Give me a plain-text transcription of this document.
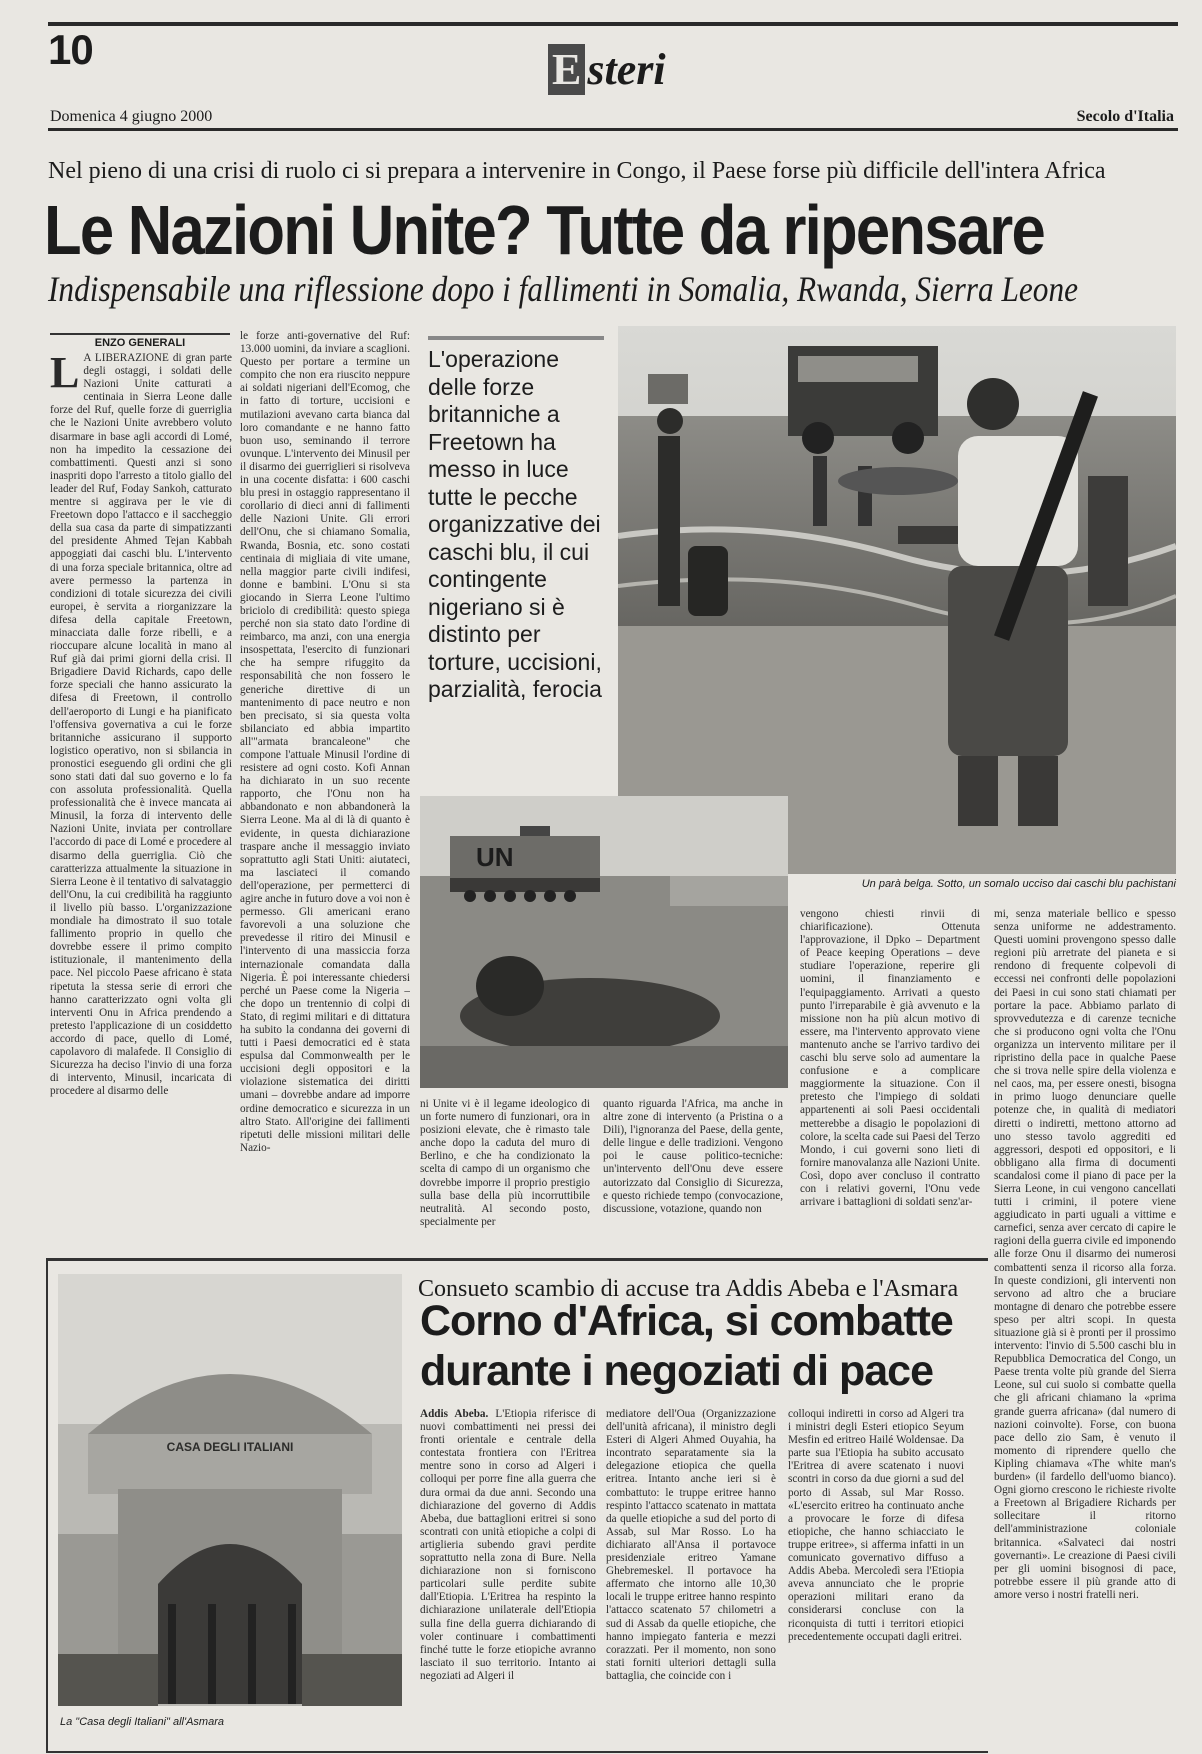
10	E steri
Domenica 4 giugno 2000	Secolo d'Italia
Nel pieno di una crisi di ruolo ci si prepara a intervenire in Congo, il Paese forse più difficile dell'intera Africa
Le Nazioni Unite? Tutte da ripensare
Indispensabile una riflessione dopo i fallimenti in Somalia, Rwanda, Sierra Leone
ENZO GENERALI
L A LIBERAZIONE di gran parte degli ostaggi, i soldati delle Nazioni Unite catturati a centinaia in Sierra Leone dalle forze del Ruf, quelle forze di guerriglia che le Nazioni Unite avrebbero voluto disarmare in base agli accordi di Lomé, non ha impedito la cessazione dei combattimenti. Questi anzi si sono inaspriti dopo l'arresto a titolo giallo del leader del Ruf, Foday Sankoh, catturato mentre si aggirava per le vie di Freetown dopo l'attacco e il saccheggio della sua casa da parte di simpatizzanti del presidente Ahmed Tejan Kabbah appoggiati dai caschi blu. L'intervento di una forza speciale britannica, oltre ad avere permesso la partenza in condizioni di totale sicurezza dei civili europei, è servita a riorganizzare la difesa della capitale Freetown, minacciata dalle forze ribelli, e a rioccupare alcune località in mano al Ruf già dai primi giorni della crisi. Il Brigadiere David Richards, capo delle forze speciali che hanno assicurato la difesa di Freetown, il controllo dell'aeroporto di Lungi e ha pianificato l'offensiva governativa a cui le forze britanniche assicurano il supporto logistico operativo, non si sbilancia in pronostici eseguendo gli ordini che gli sono stati dati dal suo governo e lo fa con assoluta professionalità. Quella professionalità che è invece mancata ai Minusil, la forza di intervento delle Nazioni Unite, inviata per controllare l'accordo di pace di Lomé e procedere al disarmo della guerriglia. Ciò che caratterizza attualmente la situazione in Sierra Leone è il tentativo di salvataggio dell'Onu, la cui credibilità ha raggiunto il livello più basso. L'organizzazione mondiale ha dimostrato il suo totale fallimento proprio in quello che dovrebbe essere il primo compito istituzionale, il mantenimento della pace. Nel piccolo Paese africano è stata ripetuta la stessa serie di errori che hanno caratterizzato ogni volta gli interventi Onu in Africa prendendo a pretesto l'applicazione di un cosiddetto accordo di pace, quello di Lomé, capolavoro di malafede. Il Consiglio di Sicurezza ha deciso l'invio di una forza di intervento, Minusil, incaricata di procedere al disarmo delle
le forze anti-governative del Ruf: 13.000 uomini, da inviare a scaglioni. Questo per portare a termine un compito che non era riuscito neppure ai soldati nigeriani dell'Ecomog, che in fatto di torture, uccisioni e mutilazioni avevano carta bianca dal loro comandante e ne hanno fatto buon uso, seminando il terrore ovunque. L'intervento dei Minusil per il disarmo dei guerriglieri si risolveva in una cocente disfatta: i 600 caschi blu presi in ostaggio rappresentano il corollario di dieci anni di fallimenti delle Nazioni Unite. Gli errori dell'Onu, che si chiamano Somalia, Rwanda, Bosnia, etc. sono costati centinaia di migliaia di vite umane, nella maggior parte civili indifesi, donne e bambini. L'Onu si sta giocando in Sierra Leone l'ultimo briciolo di credibilità: questo spiega perché non sia stato dato l'ordine di reimbarco, ma anzi, con una energia insospettata, l'esercito di funzionari che ha sempre rifuggito da responsabilità che non fossero le generiche direttive di un mantenimento di pace neutro e non ben precisato, si sia questa volta sbilanciato ed abbia impartito all'"armata brancaleone" che compone l'attuale Minusil l'ordine di resistere ad ogni costo. Kofi Annan ha dichiarato in un suo recente rapporto, che l'Onu non ha abbandonato e non abbandonerà la Sierra Leone. Ma al di là di quanto è evidente, in questa dichiarazione traspare anche il messaggio inviato soprattutto agli Stati Uniti: aiutateci, ma lasciateci il comando dell'operazione, per permetterci di agire anche in futuro dove a voi non è permesso. Gli americani erano favorevoli a una soluzione che prevedesse il ritiro dei Minusil e l'intervento di una massiccia forza internazionale comandata dalla Nigeria. È poi interessante chiedersi perché un Paese come la Nigeria – che dopo un trentennio di colpi di Stato, di regimi militari e di dittatura ha subito la condanna dei governi di tutti i Paesi democratici ed è stata espulsa dal Commonwealth per le uccisioni degli oppositori e la violazione sistematica dei diritti umani – dovrebbe andare ad imporre ordine democratico e sicurezza in un altro Stato. All'origine dei fallimenti ripetuti delle missioni militari delle Nazio-
L'operazione delle forze britanniche a Freetown ha messo in luce tutte le pecche organizzative dei caschi blu, il cui contingente nigeriano si è distinto per torture, uccisioni, parzialità, ferocia
Un parà belga. Sotto, un somalo ucciso dai caschi blu pachistani
UN
ni Unite vi è il legame ideologico di un forte numero di funzionari, ora in posizioni elevate, che è rimasto tale anche dopo la caduta del muro di Berlino, e che ha condizionato la scelta di campo di un organismo che dovrebbe imporre il proprio prestigio sulla base della più incorruttibile neutralità. Al secondo posto, specialmente per
quanto riguarda l'Africa, ma anche in altre zone di intervento (a Pristina o a Dili), l'ignoranza del Paese, della gente, delle lingue e delle tradizioni. Vengono poi le cause politico-tecniche: un'intervento dell'Onu deve essere autorizzato dal Consiglio di Sicurezza, e questo richiede tempo (convocazione, discussione, votazione, quando non
vengono chiesti rinvii di chiarificazione). Ottenuta l'approvazione, il Dpko – Department of Peace keeping Operations – deve studiare l'operazione, reperire gli uomini, il finanziamento e l'equipaggiamento. Arrivati a questo punto l'irreparabile è già avvenuto e la missione non ha più alcun motivo di essere, ma l'intervento approvato viene mantenuto anche se l'arrivo tardivo dei caschi blu serve solo ad aumentare la confusione e a complicare maggiormente la situazione. Con il pretesto che l'impiego di soldati appartenenti ai soli Paesi occidentali metterebbe a disagio le popolazioni di colore, la scelta cade sui Paesi del Terzo Mondo, i cui governi sono lieti di fornire manovalanza alle Nazioni Unite. Così, dopo aver concluso il contratto con i relativi governi, l'Onu vede arrivare i battaglioni di soldati senz'ar-
mi, senza materiale bellico e spesso senza uniforme ne addestramento. Questi uomini provengono spesso dalle regioni più arretrate del pianeta e si rendono di frequente colpevoli di eccessi nei confronti delle popolazioni dei Paesi in cui sono stati chiamati per portare la pace. Abbiamo parlato di sprovvedutezza e di carenze tecniche che si producono ogni volta che l'Onu organizza un intervento militare per il ripristino della pace in qualche Paese che si trova nelle spire della violenza e nel caos, ma, per essere onesti, bisogna in primo luogo denunciare quelle potenze che, in qualità di mediatori diretti o indiretti, mettono attorno ad uno stesso tavolo aggrediti ed aggressori, despoti ed oppositori, e li obbligano alla firma di documenti scandalosi come il piano di pace per la Sierra Leone, in cui vengono cancellati tutti i crimini, il potere viene aggiudicato in parti uguali a vittime e carnefici, senza aver cercato di capire le ragioni della guerra civile ed imponendo alle forze Onu il disarmo dei numerosi combattenti senza il ricorso alla forza. In queste condizioni, gli interventi non servono ad altro che a bruciare montagne di denaro che potrebbe essere speso per altri scopi. In questa situazione già si è pronti per il prossimo intervento: l'invio di 5.500 caschi blu in Repubblica Democratica del Congo, un Paese trenta volte più grande del Sierra Leone, sul cui suolo si combatte quella che gli africani chiamano la «prima grande guerra africana» (dal numero di nazioni coinvolte). Forse, con buona pace dello zio Sam, è venuto il momento di riprendere quello che Kipling chiamava «The white man's burden» (il fardello dell'uomo bianco). Ogni giorno crescono le richieste rivolte a Freetown al Brigadiere Richards per sollecitare il ritorno dell'amministrazione coloniale britannica. «Salvateci dai nostri governanti». Le creazione di Paesi civili per gli uomini bisognosi di pace, potrebbe essere il più grande atto di amore verso i nostri fratelli neri.
CASA DEGLI ITALIANI
La "Casa degli Italiani" all'Asmara
Consueto scambio di accuse tra Addis Abeba e l'Asmara
Corno d'Africa, si combatte
durante i negoziati di pace
Addis Abeba. L'Etiopia riferisce di nuovi combattimenti nei pressi dei fronti orientale e centrale della contestata frontiera con l'Eritrea mentre sono in corso ad Algeri i colloqui per porre fine alla guerra che dura ormai da due anni. Secondo una dichiarazione del governo di Addis Abeba, due battaglioni eritrei si sono scontrati con unità etiopiche a colpi di artiglieria subendo gravi perdite soprattutto nella zona di Bure. Nella dichiarazione non si forniscono particolari sulle perdite subite dall'Etiopia. L'Eritrea ha respinto la dichiarazione unilaterale dell'Etiopia sulla fine della guerra dichiarando di voler continuare i combattimenti finché tutte le forze etiopiche avranno lasciato il suo territorio. Intanto ai negoziati ad Algeri il
mediatore dell'Oua (Organizzazione dell'unità africana), il ministro degli Esteri di Algeri Ahmed Ouyahia, ha incontrato separatamente sia la delegazione etiopica che quella eritrea. Intanto anche ieri si è combattuto: le truppe eritree hanno respinto l'attacco scatenato in mattata da quelle etiopiche a sud del porto di Assab, sul Mar Rosso. Lo ha dichiarato all'Ansa il portavoce presidenziale eritreo Yamane Ghebremeskel. Il portavoce ha affermato che intorno alle 10,30 locali le truppe eritree hanno respinto l'attacco scatenato 57 chilometri a sud di Assab da quelle etiopiche, che hanno impiegato fanteria e mezzi corazzati. Per il momento, non sono stati forniti ulteriori dettagli sulla battaglia, che coincide con i
colloqui indiretti in corso ad Algeri tra i ministri degli Esteri etiopico Seyum Mesfin ed eritreo Hailé Woldensae. Da parte sua l'Etiopia ha subito accusato l'Eritrea di avere scatenato i nuovi scontri in corso da due giorni a sud del porto di Assab, sul Mar Rosso. «L'esercito eritreo ha continuato anche a provocare le forze di difesa etiopiche, che hanno schiacciato le truppe eritree», si afferma infatti in un comunicato governativo diffuso a Addis Abeba. Mercoledì sera l'Etiopia aveva annunciato che le proprie operazioni militari erano da considerarsi concluse con la riconquista di tutti i territori etiopici precedentemente occupati dagli eritrei.
